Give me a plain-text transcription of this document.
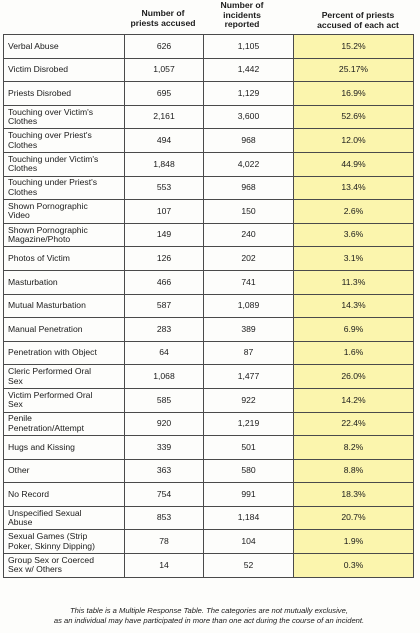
Number of
priests accused
Number of
incidents
reported
Percent of priests
accused of each act
Verbal Abuse	626	1,105	15.2%

Victim Disrobed	1,057	1,442	25.17%

Priests Disrobed	695	1,129	16.9%

Touching over Victim's
Clothes	2,161	3,600	52.6%

Touching over Priest's
Clothes	494	968	12.0%

Touching under Victim's
Clothes	1,848	4,022	44.9%

Touching under Priest's
Clothes	553	968	13.4%

Shown Pornographic
Video	107	150	2.6%

Shown Pornographic
Magazine/Photo	149	240	3.6%

Photos of Victim	126	202	3.1%

Masturbation	466	741	11.3%

Mutual Masturbation	587	1,089	14.3%

Manual Penetration	283	389	6.9%

Penetration with Object	64	87	1.6%

Cleric Performed Oral
Sex	1,068	1,477	26.0%

Victim Performed Oral
Sex	585	922	14.2%

Penile
Penetration/Attempt	920	1,219	22.4%

Hugs and Kissing	339	501	8.2%

Other	363	580	8.8%

No Record	754	991	18.3%

Unspecified Sexual
Abuse	853	1,184	20.7%

Sexual Games (Strip
Poker, Skinny Dipping)	78	104	1.9%

Group Sex or Coerced
Sex w/ Others	14	52	0.3%
This table is a Multiple Response Table. The categories are not mutually exclusive,
as an individual may have participated in more than one act during the course of an incident.
